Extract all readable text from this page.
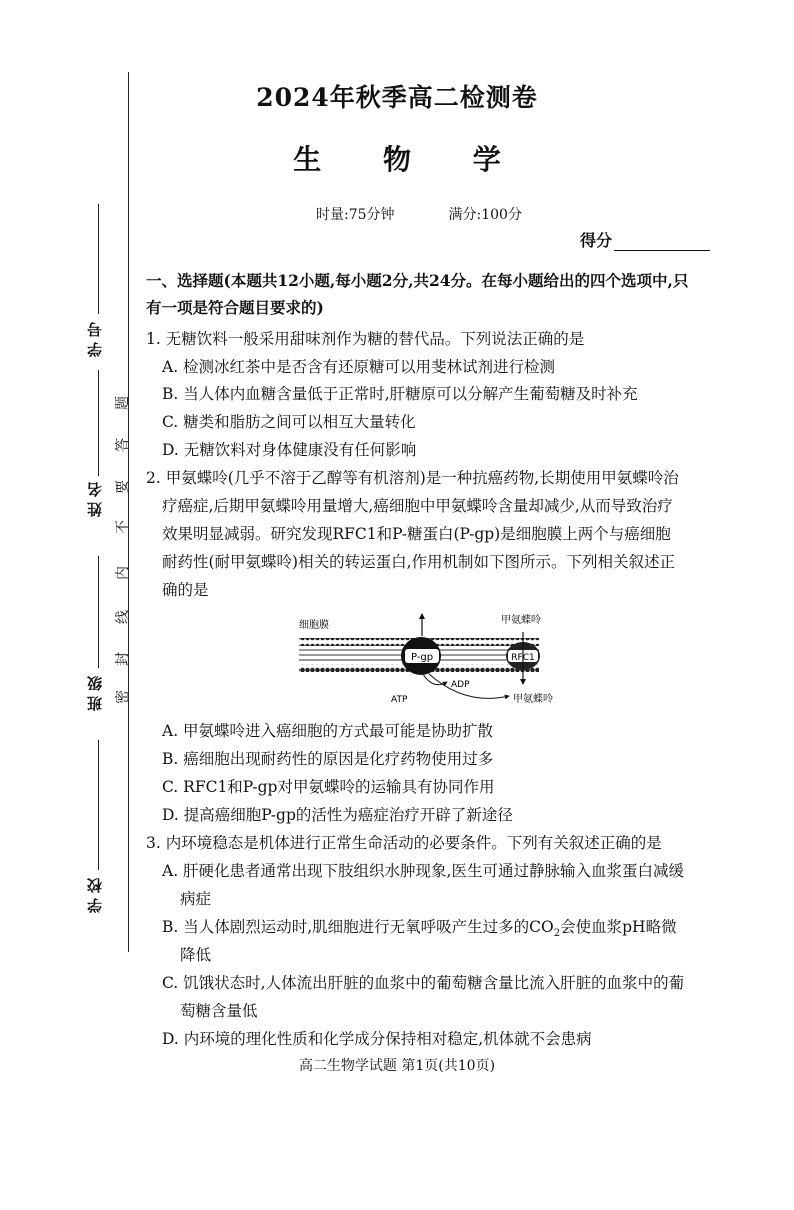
学 号
姓 名
班 级
学 校
密
封
线
内
不
要
答
题
2024年秋季高二检测卷
生 物 学
时量:75分钟	满分:100分
得分
一、选择题(本题共12小题,每小题2分,共24分。在每小题给出的四个选项中,只
有一项是符合题目要求的)
1. 无糖饮料一般采用甜味剂作为糖的替代品。下列说法正确的是
A. 检测冰红茶中是否含有还原糖可以用斐林试剂进行检测
B. 当人体内血糖含量低于正常时,肝糖原可以分解产生葡萄糖及时补充
C. 糖类和脂肪之间可以相互大量转化
D. 无糖饮料对身体健康没有任何影响
2. 甲氨蝶呤(几乎不溶于乙醇等有机溶剂)是一种抗癌药物,长期使用甲氨蝶呤治
疗癌症,后期甲氨蝶呤用量增大,癌细胞中甲氨蝶呤含量却减少,从而导致治疗
效果明显减弱。研究发现RFC1和P-糖蛋白(P-gp)是细胞膜上两个与癌细胞
耐药性(耐甲氨蝶呤)相关的转运蛋白,作用机制如下图所示。下列相关叙述正
确的是
P-gp	RFC1
细胞膜	甲氨蝶呤
ADP
ATP	甲氨蝶呤
A. 甲氨蝶呤进入癌细胞的方式最可能是协助扩散
B. 癌细胞出现耐药性的原因是化疗药物使用过多
C. RFC1和P-gp对甲氨蝶呤的运输具有协同作用
D. 提高癌细胞P-gp的活性为癌症治疗开辟了新途径
3. 内环境稳态是机体进行正常生命活动的必要条件。下列有关叙述正确的是
A. 肝硬化患者通常出现下肢组织水肿现象,医生可通过静脉输入血浆蛋白减缓
病症
B. 当人体剧烈运动时,肌细胞进行无氧呼吸产生过多的$CO_2$会使血浆pH略微
降低
C. 饥饿状态时,人体流出肝脏的血浆中的葡萄糖含量比流入肝脏的血浆中的葡
萄糖含量低
D. 内环境的理化性质和化学成分保持相对稳定,机体就不会患病
高二生物学试题 第1页(共10页)
